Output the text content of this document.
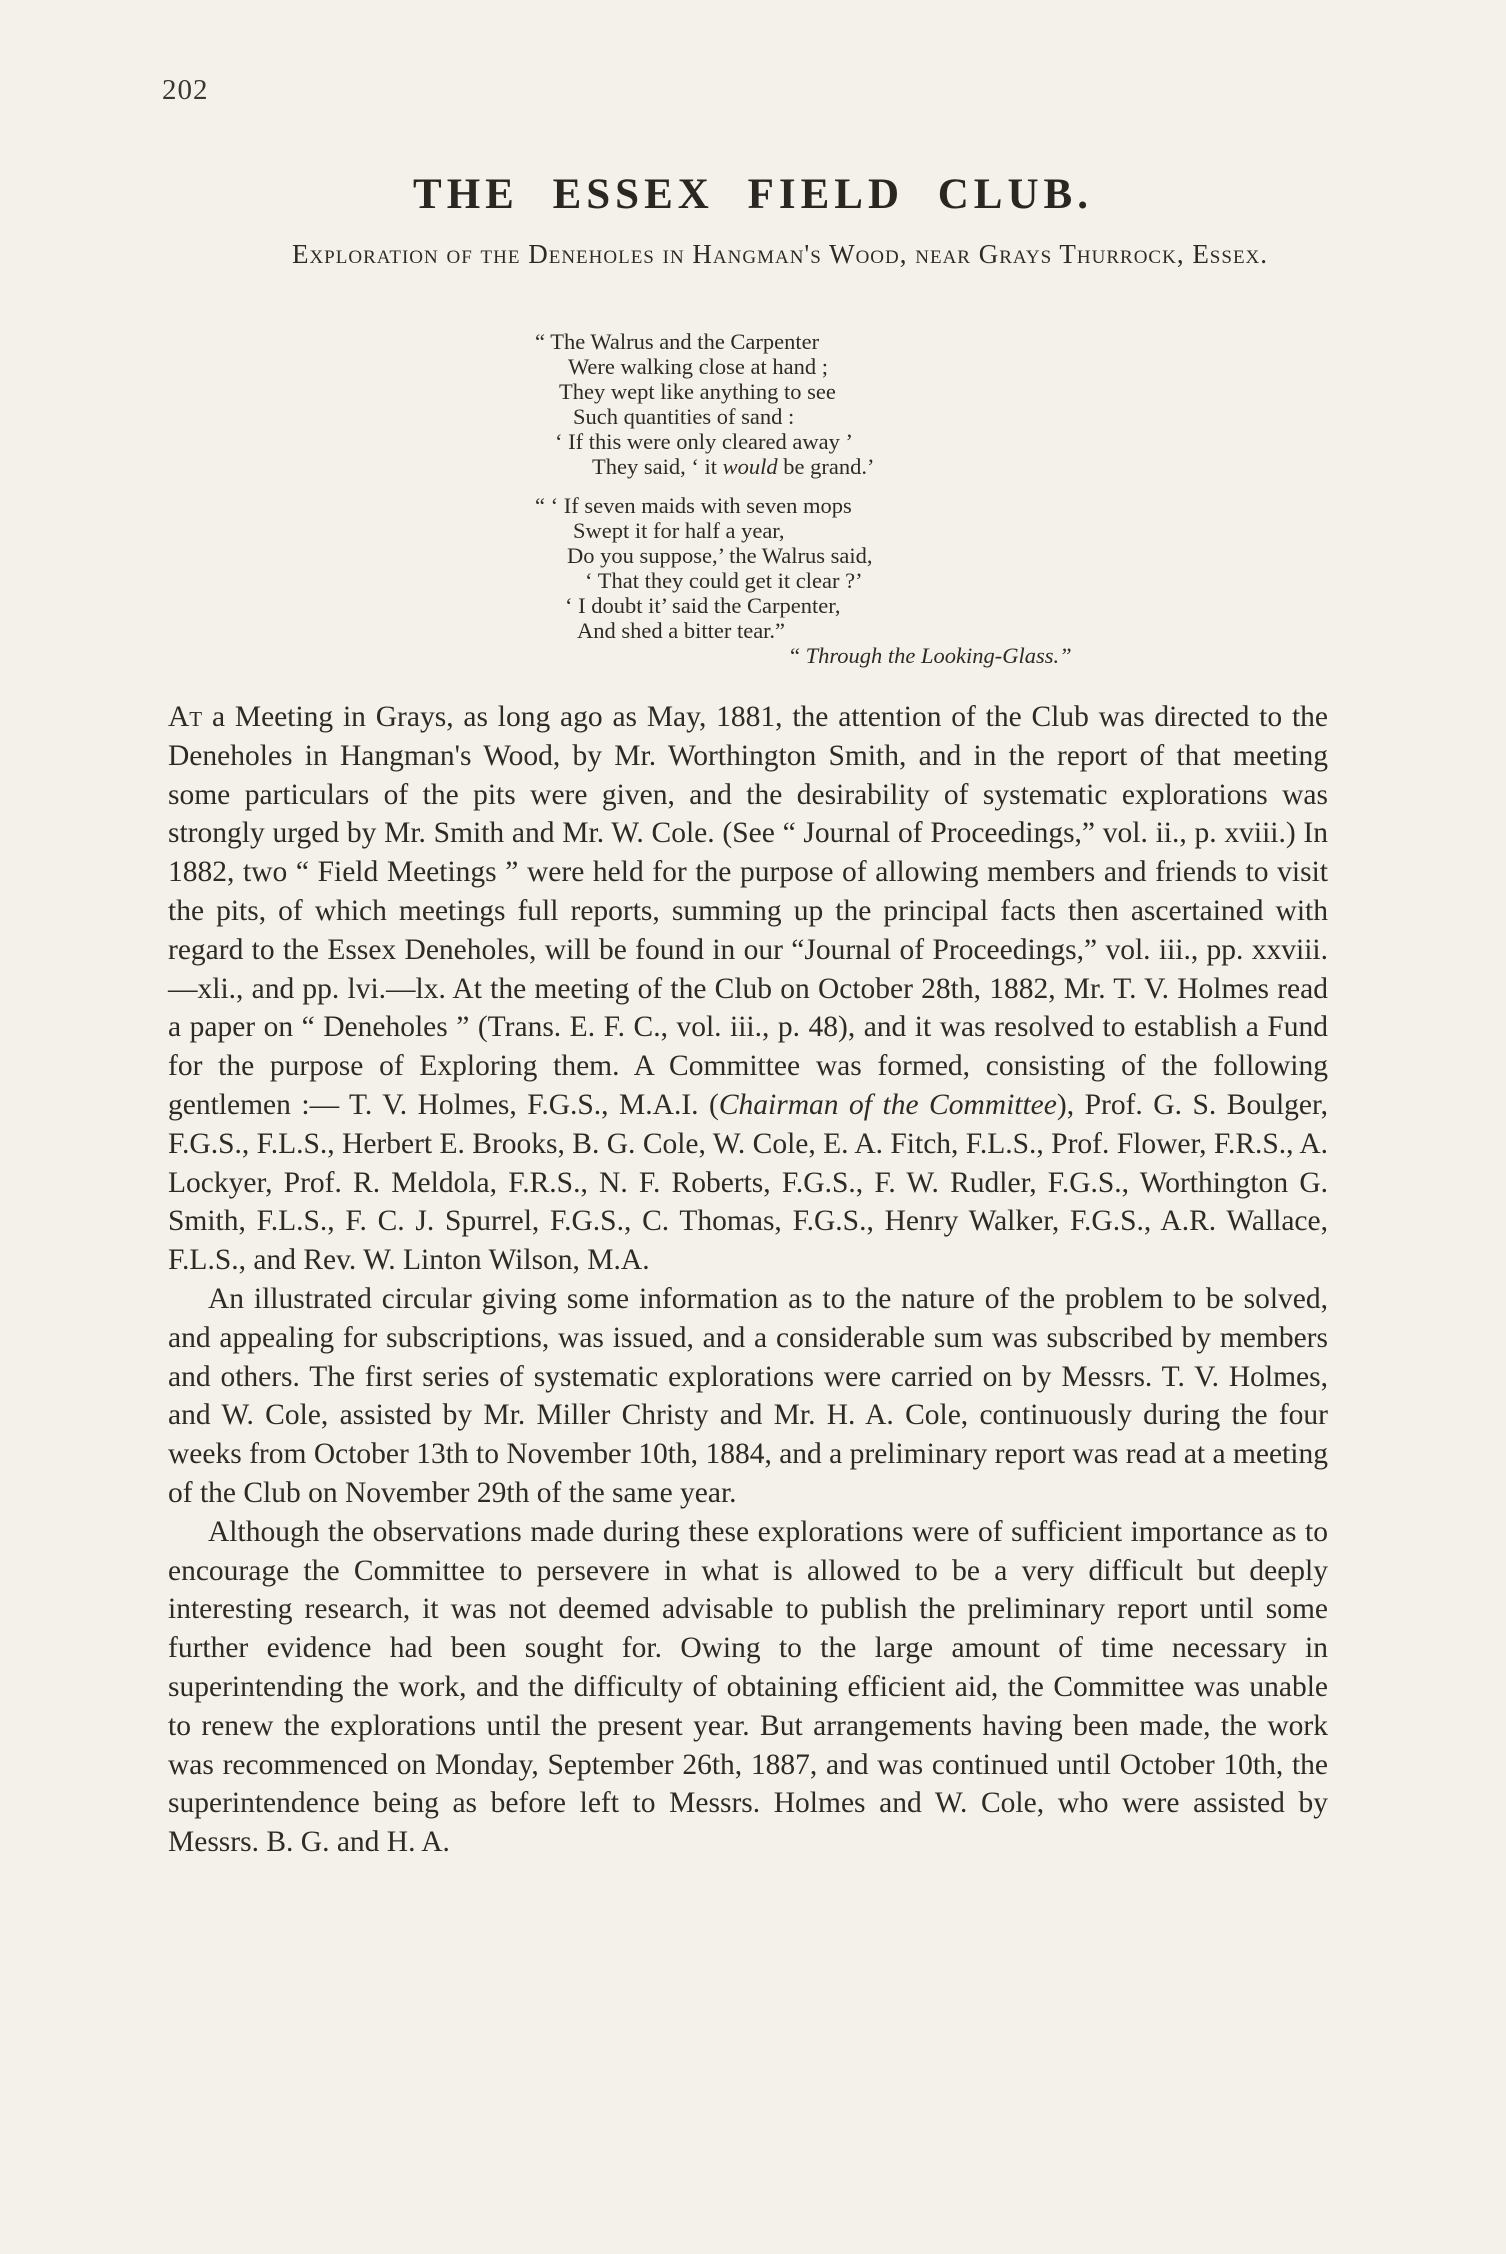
202
THE ESSEX FIELD CLUB.
Exploration of the Deneholes in Hangman's Wood, near Grays Thurrock, Essex.
“ The Walrus and the Carpenter
Were walking close at hand ;
They wept like anything to see
Such quantities of sand :
‘ If this were only cleared away ’
They said, ‘ it would be grand.’
“ ‘ If seven maids with seven mops
Swept it for half a year,
Do you suppose,’ the Walrus said,
‘ That they could get it clear ?’
‘ I doubt it’ said the Carpenter,
And shed a bitter tear.”
“ Through the Looking-Glass.”

At a Meeting in Grays, as long ago as May, 1881, the attention of the Club was directed to the Deneholes in Hangman's Wood, by Mr. Worthington Smith, and in the report of that meeting some particulars of the pits were given, and the desirability of systematic explorations was strongly urged by Mr. Smith and Mr. W. Cole. (See “ Journal of Proceedings,” vol. ii., p. xviii.) In 1882, two “ Field Meetings ” were held for the purpose of allowing members and friends to visit the pits, of which meetings full reports, summing up the principal facts then ascertained with regard to the Essex Deneholes, will be found in our “Journal of Proceedings,” vol. iii., pp. xxviii.—xli., and pp. lvi.—lx. At the meeting of the Club on October 28th, 1882, Mr. T. V. Holmes read a paper on “ Deneholes ” (Trans. E. F. C., vol. iii., p. 48), and it was resolved to establish a Fund for the purpose of Exploring them. A Committee was formed, consisting of the following gentlemen :— T. V. Holmes, F.G.S., M.A.I. (Chairman of the Committee), Prof. G. S. Boulger, F.G.S., F.L.S., Herbert E. Brooks, B. G. Cole, W. Cole, E. A. Fitch, F.L.S., Prof. Flower, F.R.S., A. Lockyer, Prof. R. Meldola, F.R.S., N. F. Roberts, F.G.S., F. W. Rudler, F.G.S., Worthington G. Smith, F.L.S., F. C. J. Spurrel, F.G.S., C. Thomas, F.G.S., Henry Walker, F.G.S., A.R. Wallace, F.L.S., and Rev. W. Linton Wilson, M.A.

An illustrated circular giving some information as to the nature of the problem to be solved, and appealing for subscriptions, was issued, and a considerable sum was subscribed by members and others. The first series of systematic explorations were carried on by Messrs. T. V. Holmes, and W. Cole, assisted by Mr. Miller Christy and Mr. H. A. Cole, continuously during the four weeks from October 13th to November 10th, 1884, and a preliminary report was read at a meeting of the Club on November 29th of the same year.

Although the observations made during these explorations were of sufficient importance as to encourage the Committee to persevere in what is allowed to be a very difficult but deeply interesting research, it was not deemed advisable to publish the preliminary report until some further evidence had been sought for. Owing to the large amount of time necessary in superintending the work, and the difficulty of obtaining efficient aid, the Committee was unable to renew the explorations until the present year. But arrangements having been made, the work was recommenced on Monday, September 26th, 1887, and was continued until October 10th, the superintendence being as before left to Messrs. Holmes and W. Cole, who were assisted by Messrs. B. G. and H. A.
